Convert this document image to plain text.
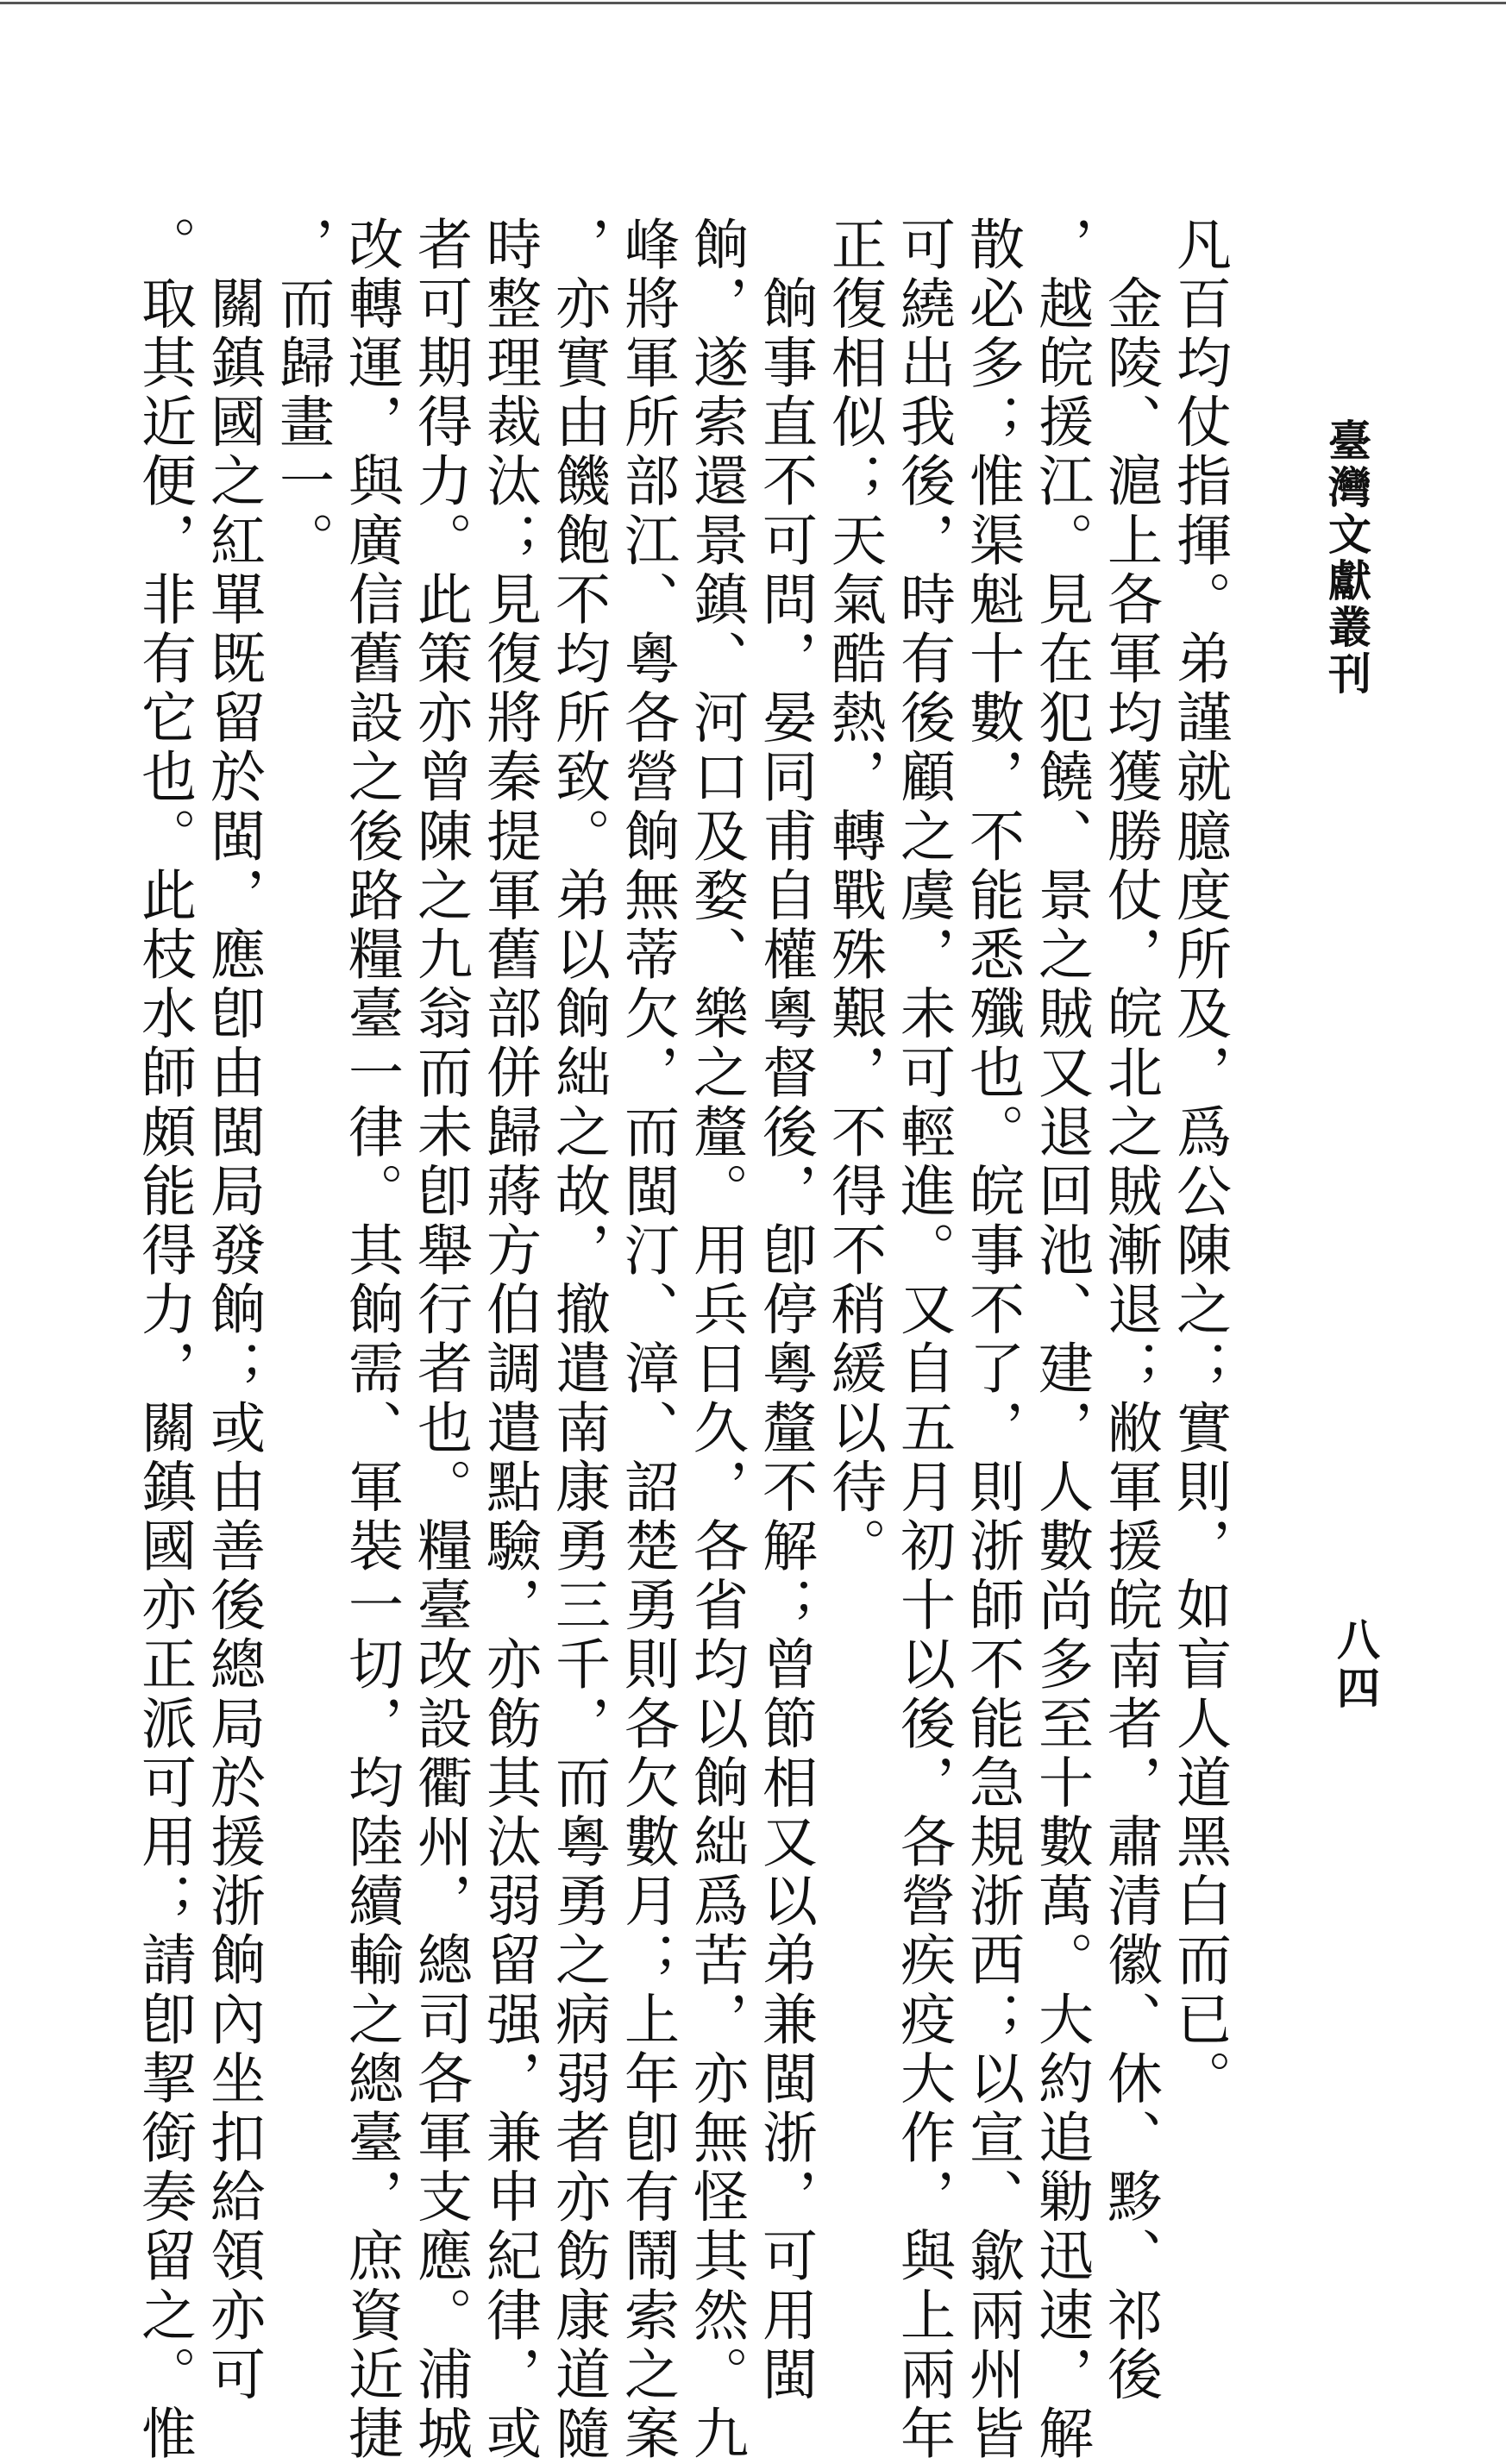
臺灣文獻叢刊
八四
凡百均仗指揮。弟謹就臆度所及，爲公陳之；實則，如盲人道黑白而已。
　金陵、滬上各軍均獲勝仗，皖北之賊漸退；敝軍援皖南者，肅清徽、休、黟、祁後
，越皖援江。見在犯饒、景之賊又退回池、建，人數尚多至十數萬。大約追勦迅速，解
散必多；惟渠魁十數，不能悉殲也。皖事不了，則浙師不能急規浙西；以宣、歙兩州皆
可繞出我後，時有後顧之虞，未可輕進。又自五月初十以後，各營疾疫大作，與上兩年
正復相似；天氣酷熱，轉戰殊艱，不得不稍緩以待。
　餉事直不可問，晏同甫自權粵督後，卽停粵釐不解；曾節相又以弟兼閩浙，可用閩
餉，遂索還景鎮、河口及婺、樂之釐。用兵日久，各省均以餉絀爲苦，亦無怪其然。九
峰將軍所部江、粵各營餉無蒂欠，而閩汀、漳、詔楚勇則各欠數月；上年卽有鬧索之案
，亦實由饑飽不均所致。弟以餉絀之故，撤遣南康勇三千，而粵勇之病弱者亦飭康道隨
時整理裁汰；見復將秦提軍舊部併歸蔣方伯調遣點驗，亦飭其汰弱留强，兼申紀律，或
者可期得力。此策亦曾陳之九翁而未卽舉行者也。糧臺改設衢州，總司各軍支應。浦城
改轉運，與廣信舊設之後路糧臺一律。其餉需、軍裝一切，均陸續輸之總臺，庶資近捷
，而歸畫一。
　關鎮國之紅單既留於閩，應卽由閩局發餉；或由善後總局於援浙餉內坐扣給領亦可
。取其近便，非有它也。此枝水師頗能得力，關鎮國亦正派可用；請卽挈銜奏留之。惟
